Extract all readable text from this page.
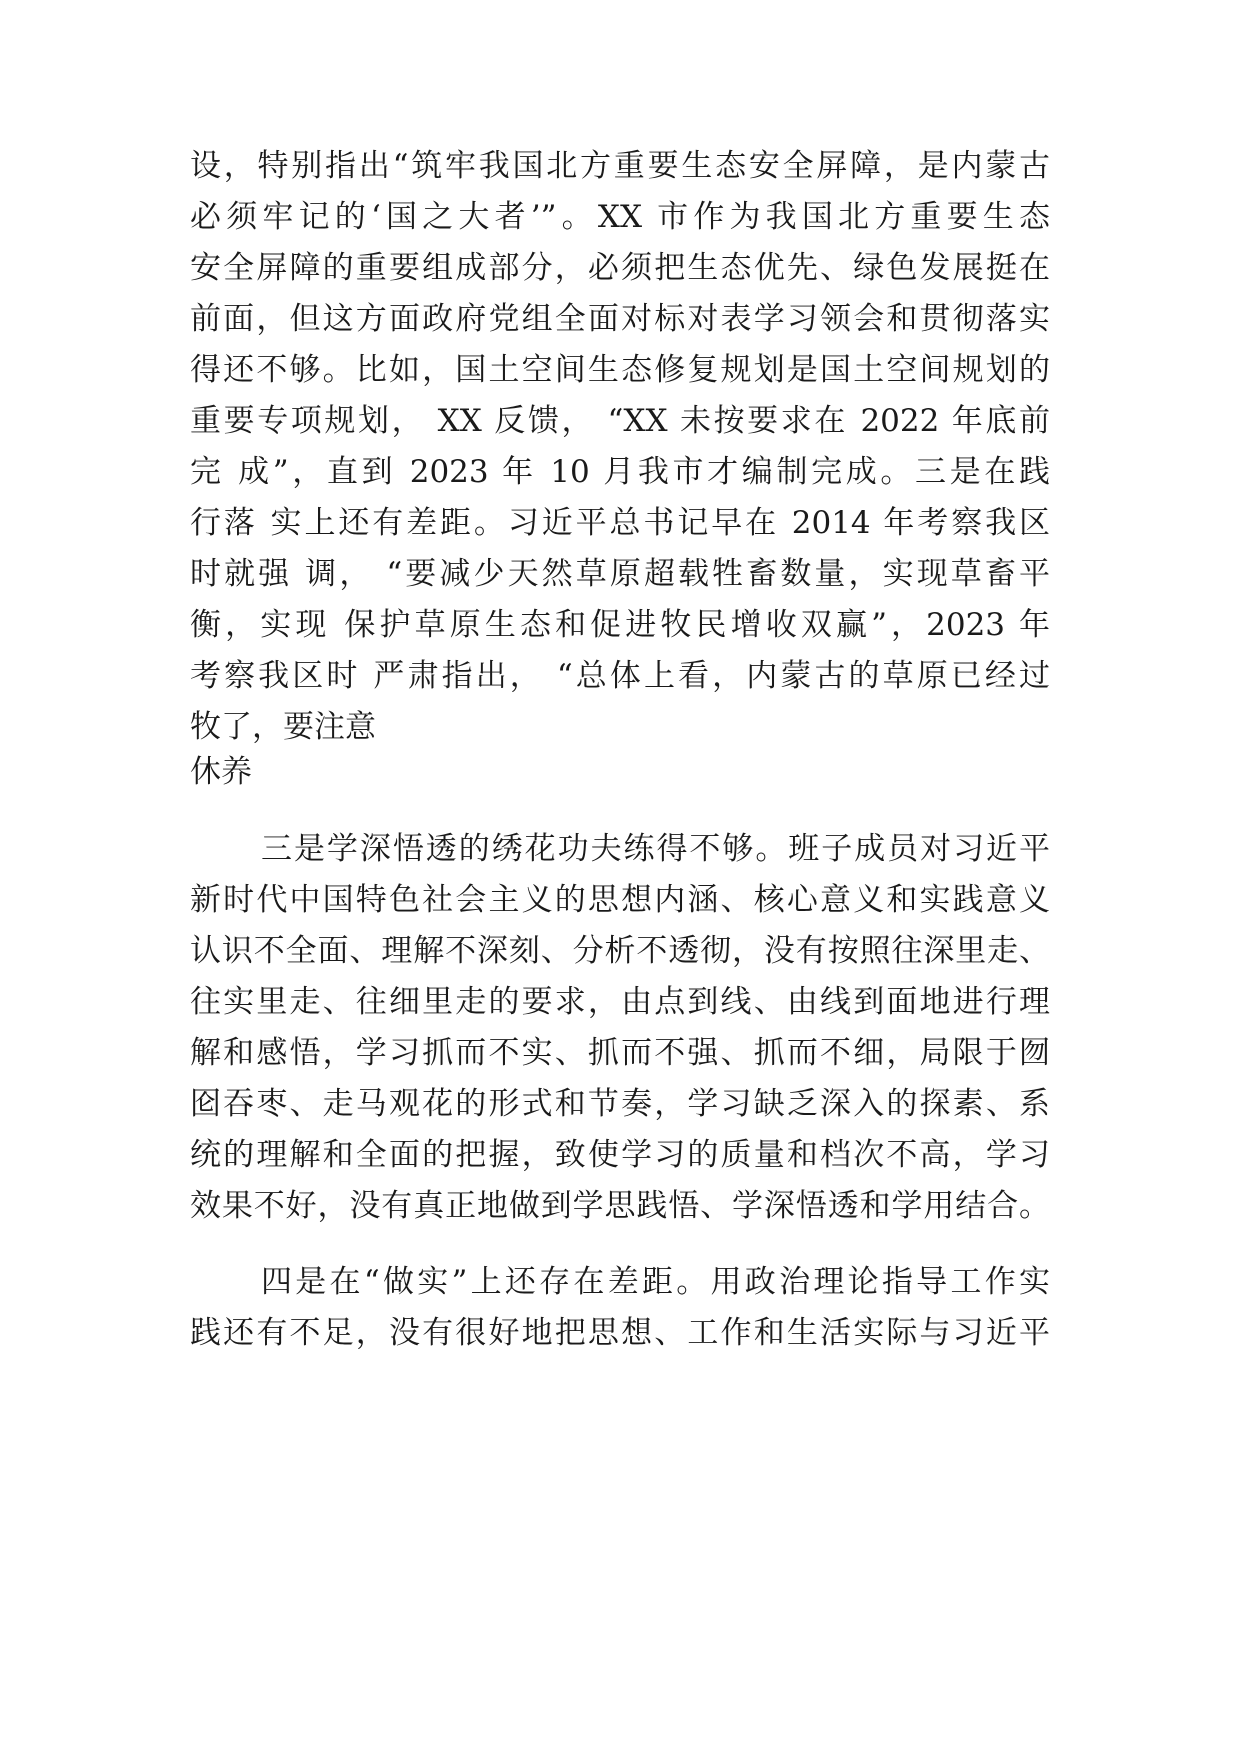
设，特别指出“筑牢我国北方重要生态安全屏障，是内蒙古
必须牢记的‘国之大者’”。XX 市作为我国北方重要生态
安全屏障的重要组成部分，必须把生态优先、绿色发展挺在
前面，但这方面政府党组全面对标对表学习领会和贯彻落实
得还不够。比如，国土空间生态修复规划是国土空间规划的
重要专项规划， XX 反馈， “XX 未按要求在 2022 年底前
完 成”，直到 2023 年 10 月我市才编制完成。三是在践
行落 实上还有差距。习近平总书记早在 2014 年考察我区
时就强 调， “要减少天然草原超载牲畜数量，实现草畜平
衡，实现 保护草原生态和促进牧民增收双赢”，2023 年
考察我区时 严肃指出， “总体上看，内蒙古的草原已经过
牧了，要注意
休养
三是学深悟透的绣花功夫练得不够。班子成员对习近平
新时代中国特色社会主义的思想内涵、核心意义和实践意义
认识不全面、理解不深刻、分析不透彻，没有按照往深里走、
往实里走、往细里走的要求，由点到线、由线到面地进行理
解和感悟，学习抓而不实、抓而不强、抓而不细，局限于囫
囵吞枣、走马观花的形式和节奏，学习缺乏深入的探素、系
统的理解和全面的把握，致使学习的质量和档次不高，学习
效果不好，没有真正地做到学思践悟、学深悟透和学用结合。
四是在“做实”上还存在差距。用政治理论指导工作实
践还有不足，没有很好地把思想、工作和生活实际与习近平
